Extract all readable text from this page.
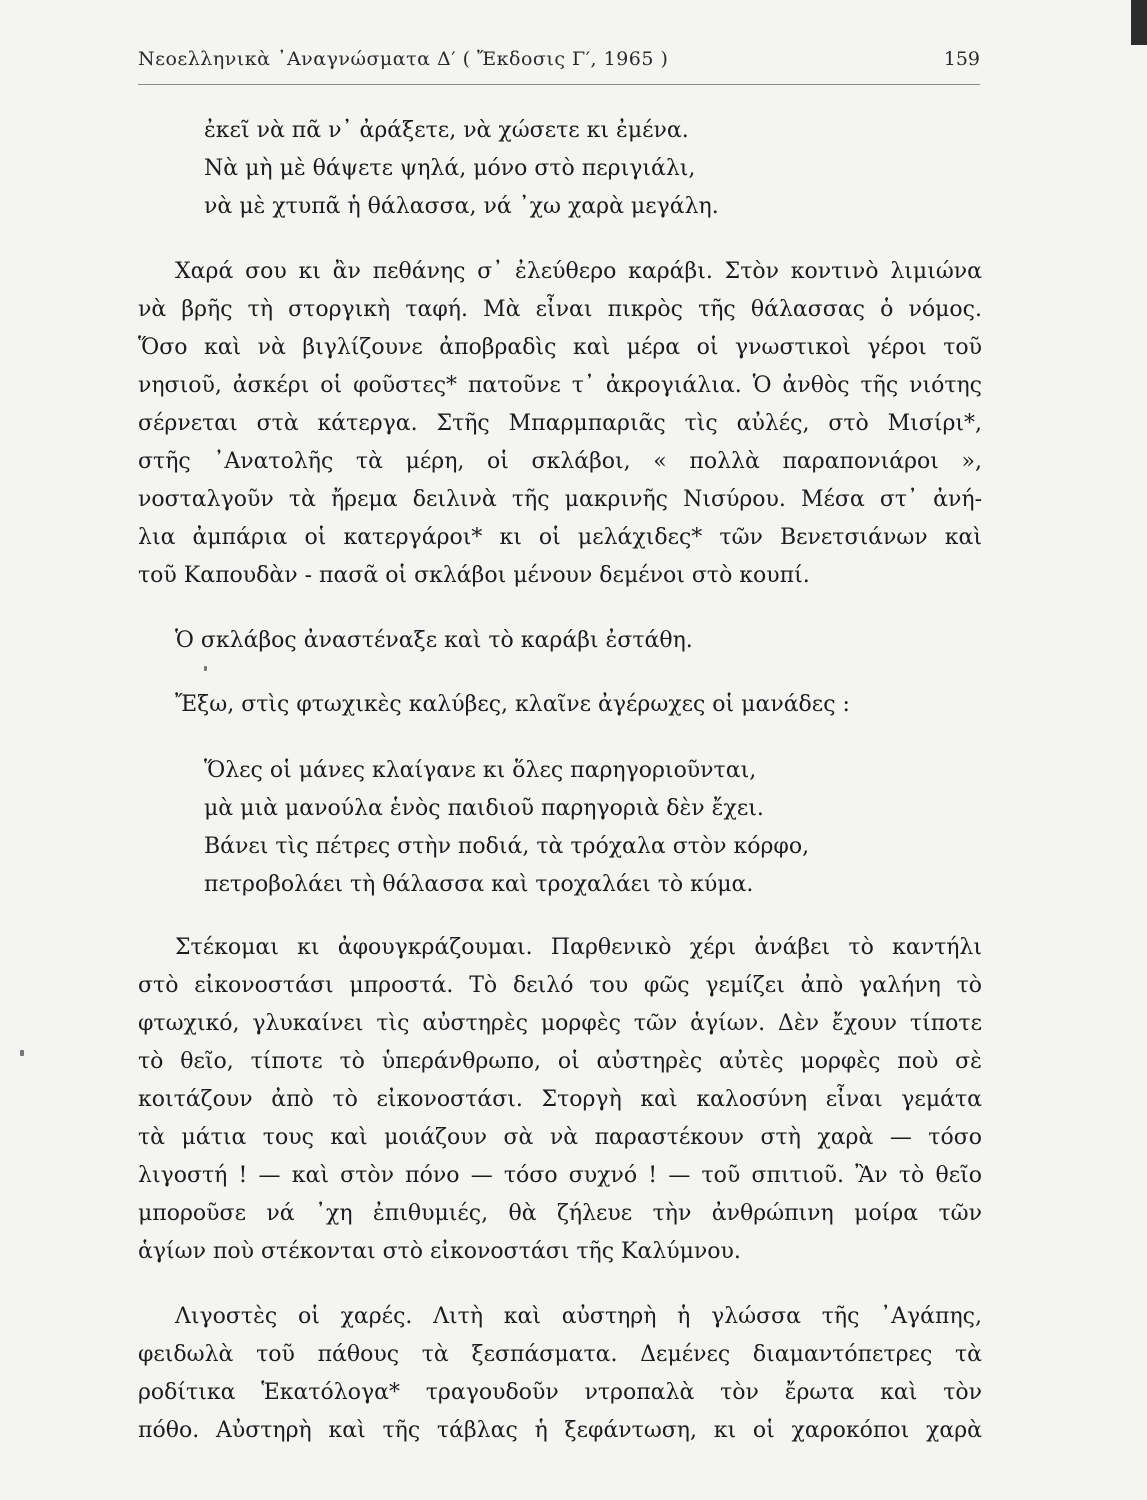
Νεοελληνικὰ ᾿Αναγνώσματα Δ′ ( Ἔκδοσις Γ′, 1965 )	159
ἐκεῖ νὰ πᾶ ν᾿ ἀράξετε, νὰ χώσετε κι ἐμένα.
Νὰ μὴ μὲ θάψετε ψηλά, μόνο στὸ περιγιάλι,
νὰ μὲ χτυπᾶ ἡ θάλασσα, νά ᾿χω χαρὰ μεγάλη.
Χαρά σου κι ἂν πεθάνης σ᾿ ἐλεύθερο καράβι. Στὸν κοντινὸ λιμιώνα
νὰ βρῆς τὴ στοργικὴ ταφή. Μὰ εἶναι πικρὸς τῆς θάλασσας ὁ νόμος.
Ὅσο καὶ νὰ βιγλίζουνε ἀποβραδὶς καὶ μέρα οἱ γνωστικοὶ γέροι τοῦ
νησιοῦ, ἀσκέρι οἱ φοῦστες* πατοῦνε τ᾿ ἀκρογιάλια. Ὁ ἀνθὸς τῆς νιότης
σέρνεται στὰ κάτεργα. Στῆς Μπαρμπαριᾶς τὶς αὐλές, στὸ Μισίρι*,
στῆς ᾿Ανατολῆς τὰ μέρη, οἱ σκλάβοι, « πολλὰ παραπονιάροι »,
νοσταλγοῦν τὰ ἤρεμα δειλινὰ τῆς μακρινῆς Νισύρου. Μέσα στ᾿ ἀνή-
λια ἀμπάρια οἱ κατεργάροι* κι οἱ μελάχιδες* τῶν Βενετσιάνων καὶ
τοῦ Καπουδὰν - πασᾶ οἱ σκλάβοι μένουν δεμένοι στὸ κουπί.
Ὁ σκλάβος ἀναστέναξε καὶ τὸ καράβι ἐστάθη.
Ἔξω, στὶς φτωχικὲς καλύβες, κλαῖνε ἀγέρωχες οἱ μανάδες :
Ὅλες οἱ μάνες κλαίγανε κι ὅλες παρηγοριοῦνται,
μὰ μιὰ μανούλα ἑνὸς παιδιοῦ παρηγοριὰ δὲν ἔχει.
Βάνει τὶς πέτρες στὴν ποδιά, τὰ τρόχαλα στὸν κόρφο,
πετροβολάει τὴ θάλασσα καὶ τροχαλάει τὸ κύμα.
Στέκομαι κι ἀφουγκράζουμαι. Παρθενικὸ χέρι ἀνάβει τὸ καντήλι
στὸ εἰκονοστάσι μπροστά. Τὸ δειλό του φῶς γεμίζει ἀπὸ γαλήνη τὸ
φτωχικό, γλυκαίνει τὶς αὐστηρὲς μορφὲς τῶν ἁγίων. Δὲν ἔχουν τίποτε
τὸ θεῖο, τίποτε τὸ ὑπεράνθρωπο, οἱ αὐστηρὲς αὐτὲς μορφὲς ποὺ σὲ
κοιτάζουν ἀπὸ τὸ εἰκονοστάσι. Στοργὴ καὶ καλοσύνη εἶναι γεμάτα
τὰ μάτια τους καὶ μοιάζουν σὰ νὰ παραστέκουν στὴ χαρὰ — τόσο
λιγοστή ! — καὶ στὸν πόνο — τόσο συχνό ! — τοῦ σπιτιοῦ. Ἂν τὸ θεῖο
μποροῦσε νά ᾿χη ἐπιθυμιές, θὰ ζήλευε τὴν ἀνθρώπινη μοίρα τῶν
ἁγίων ποὺ στέκονται στὸ εἰκονοστάσι τῆς Καλύμνου.
Λιγοστὲς οἱ χαρές. Λιτὴ καὶ αὐστηρὴ ἡ γλώσσα τῆς ᾿Αγάπης,
φειδωλὰ τοῦ πάθους τὰ ξεσπάσματα. Δεμένες διαμαντόπετρες τὰ
ροδίτικα Ἑκατόλογα* τραγουδοῦν ντροπαλὰ τὸν ἔρωτα καὶ τὸν
πόθο. Αὐστηρὴ καὶ τῆς τάβλας ἡ ξεφάντωση, κι οἱ χαροκόποι χαρὰ
